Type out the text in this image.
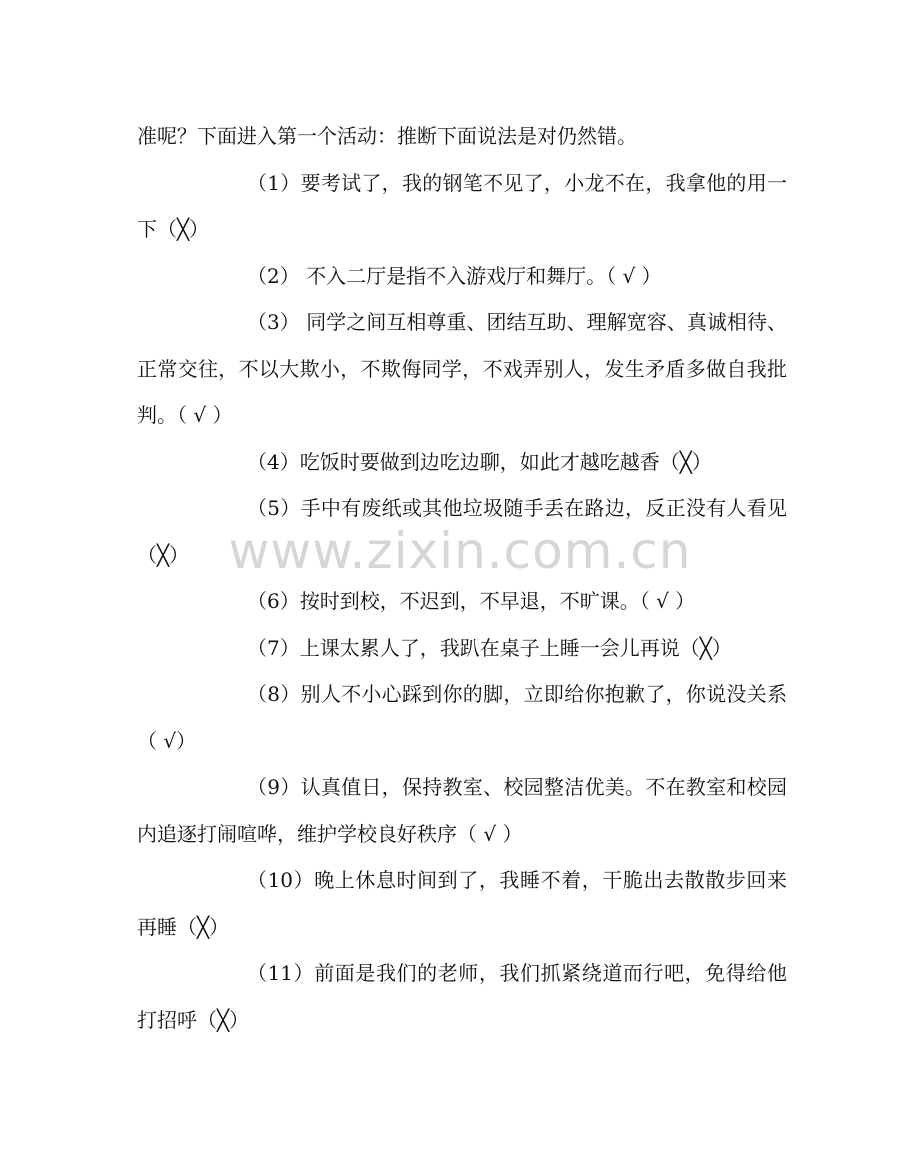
准呢？下面进入第一个活动：推断下面说法是对仍然错。

（1）要考试了，我的钢笔不见了，小龙不在，我拿他的用一下（╳）

（2） 不入二厅是指不入游戏厅和舞厅。（ √ ）

（3） 同学之间互相尊重、团结互助、理解宽容、真诚相待、正常交往，不以大欺小，不欺侮同学，不戏弄别人，发生矛盾多做自我批判。（ √ ）

（4）吃饭时要做到边吃边聊，如此才越吃越香（╳）

（5）手中有废纸或其他垃圾随手丢在路边，反正没有人看见（╳）

（6）按时到校，不迟到，不早退，不旷课。（ √ ）

（7）上课太累人了，我趴在桌子上睡一会儿再说（╳）

（8）别人不小心踩到你的脚，立即给你抱歉了，你说没关系（ √）

（9）认真值日，保持教室、校园整洁优美。不在教室和校园内追逐打闹喧哗，维护学校良好秩序（ √ ）

（10）晚上休息时间到了，我睡不着，干脆出去散散步回来再睡（╳）

（11）前面是我们的老师，我们抓紧绕道而行吧，免得给他打招呼（╳）

www.zixin.com.cn
